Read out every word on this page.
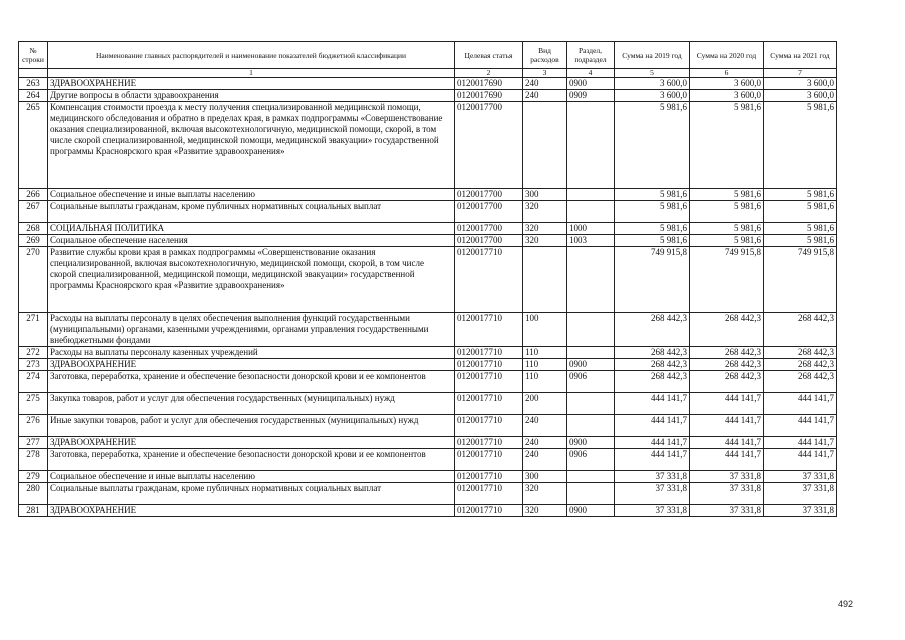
№ строки	Наименование главных распорядителей и наименование показателей бюджетной классификации	Целевая статья	Вид расходов	Раздел, подраздел	Сумма на 2019 год	Сумма на 2020 год	Сумма на 2021 год
	1	2	3	4	5	6	7
263	ЗДРАВООХРАНЕНИЕ	0120017690	240	0900	3 600,0	3 600,0	3 600,0
264	Другие вопросы в области здравоохранения	0120017690	240	0909	3 600,0	3 600,0	3 600,0
265	Компенсация стоимости проезда к месту получения специализированной медицинской помощи, медицинского обследования и обратно в пределах края, в рамках подпрограммы «Совершенствование оказания специализированной, включая высокотехнологичную, медицинской помощи, скорой, в том числе скорой специализированной, медицинской помощи, медицинской эвакуации» государственной программы Красноярского края «Развитие здравоохранения»	0120017700			5 981,6	5 981,6	5 981,6
266	Социальное обеспечение и иные выплаты населению	0120017700	300		5 981,6	5 981,6	5 981,6
267	Социальные выплаты гражданам, кроме публичных нормативных социальных выплат	0120017700	320		5 981,6	5 981,6	5 981,6
268	СОЦИАЛЬНАЯ ПОЛИТИКА	0120017700	320	1000	5 981,6	5 981,6	5 981,6
269	Социальное обеспечение населения	0120017700	320	1003	5 981,6	5 981,6	5 981,6
270	Развитие службы крови края в рамках подпрограммы «Совершенствование оказания специализированной, включая высокотехнологичную, медицинской помощи, скорой, в том числе скорой специализированной, медицинской помощи, медицинской эвакуации» государственной программы Красноярского края «Развитие здравоохранения»	0120017710			749 915,8	749 915,8	749 915,8
271	Расходы на выплаты персоналу в целях обеспечения выполнения функций государственными (муниципальными) органами, казенными учреждениями, органами управления государственными внебюджетными фондами	0120017710	100		268 442,3	268 442,3	268 442,3
272	Расходы на выплаты персоналу казенных учреждений	0120017710	110		268 442,3	268 442,3	268 442,3
273	ЗДРАВООХРАНЕНИЕ	0120017710	110	0900	268 442,3	268 442,3	268 442,3
274	Заготовка, переработка, хранение и обеспечение безопасности донорской крови и ее компонентов	0120017710	110	0906	268 442,3	268 442,3	268 442,3
275	Закупка товаров, работ и услуг для обеспечения государственных (муниципальных) нужд	0120017710	200		444 141,7	444 141,7	444 141,7
276	Иные закупки товаров, работ и услуг для обеспечения государственных (муниципальных) нужд	0120017710	240		444 141,7	444 141,7	444 141,7
277	ЗДРАВООХРАНЕНИЕ	0120017710	240	0900	444 141,7	444 141,7	444 141,7
278	Заготовка, переработка, хранение и обеспечение безопасности донорской крови и ее компонентов	0120017710	240	0906	444 141,7	444 141,7	444 141,7
279	Социальное обеспечение и иные выплаты населению	0120017710	300		37 331,8	37 331,8	37 331,8
280	Социальные выплаты гражданам, кроме публичных нормативных социальных выплат	0120017710	320		37 331,8	37 331,8	37 331,8
281	ЗДРАВООХРАНЕНИЕ	0120017710	320	0900	37 331,8	37 331,8	37 331,8
492
